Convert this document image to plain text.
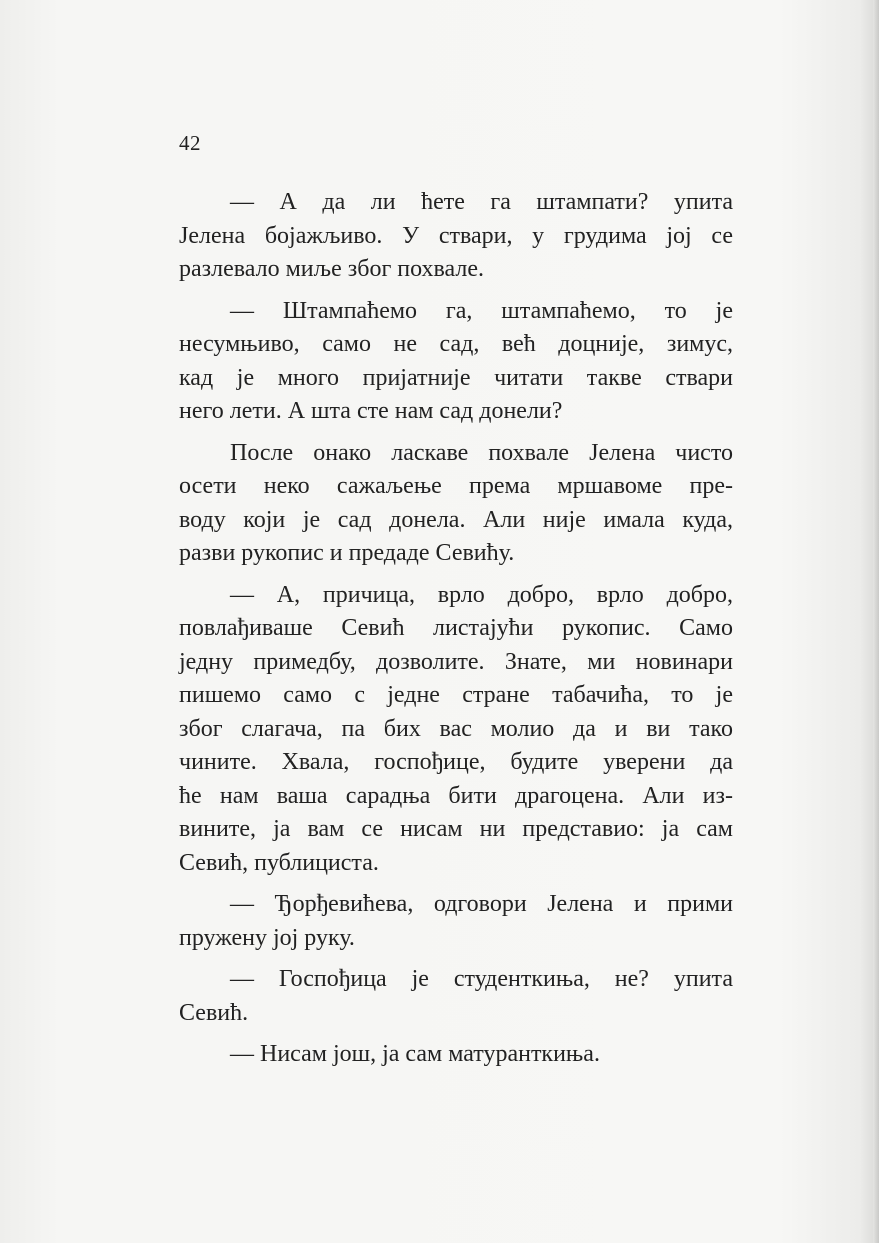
42

— А да ли ћете га штампати? упита
Јелена бојажљиво. У ствари, у грудима јој се
разлевало миље због похвале.

— Штампаћемо га, штампаћемо, то је
несумњиво, само не сад, већ доцније, зимус,
кад је много пријатније читати такве ствари
него лети. А шта сте нам сад донели?

После онако ласкаве похвале Јелена чисто
осети неко сажаљење према мршавоме пре-
воду који је сад донела. Али није имала куда,
разви рукопис и предаде Севићу.

— А, причица, врло добро, врло добро,
повлађиваше Севић листајући рукопис. Само
једну примедбу, дозволите. Знате, ми новинари
пишемо само с једне стране табачића, то је
због слагача, па бих вас молио да и ви тако
чините. Хвала, госпођице, будите уверени да
ће нам ваша сарадња бити драгоцена. Али из-
вините, ја вам се нисам ни представио: ја сам
Севић, публициста.

— Ђорђевићева, одговори Јелена и прими
пружену јој руку.

— Госпођица је студенткиња, не? упита
Севић.

— Нисам још, ја сам матуранткиња.
